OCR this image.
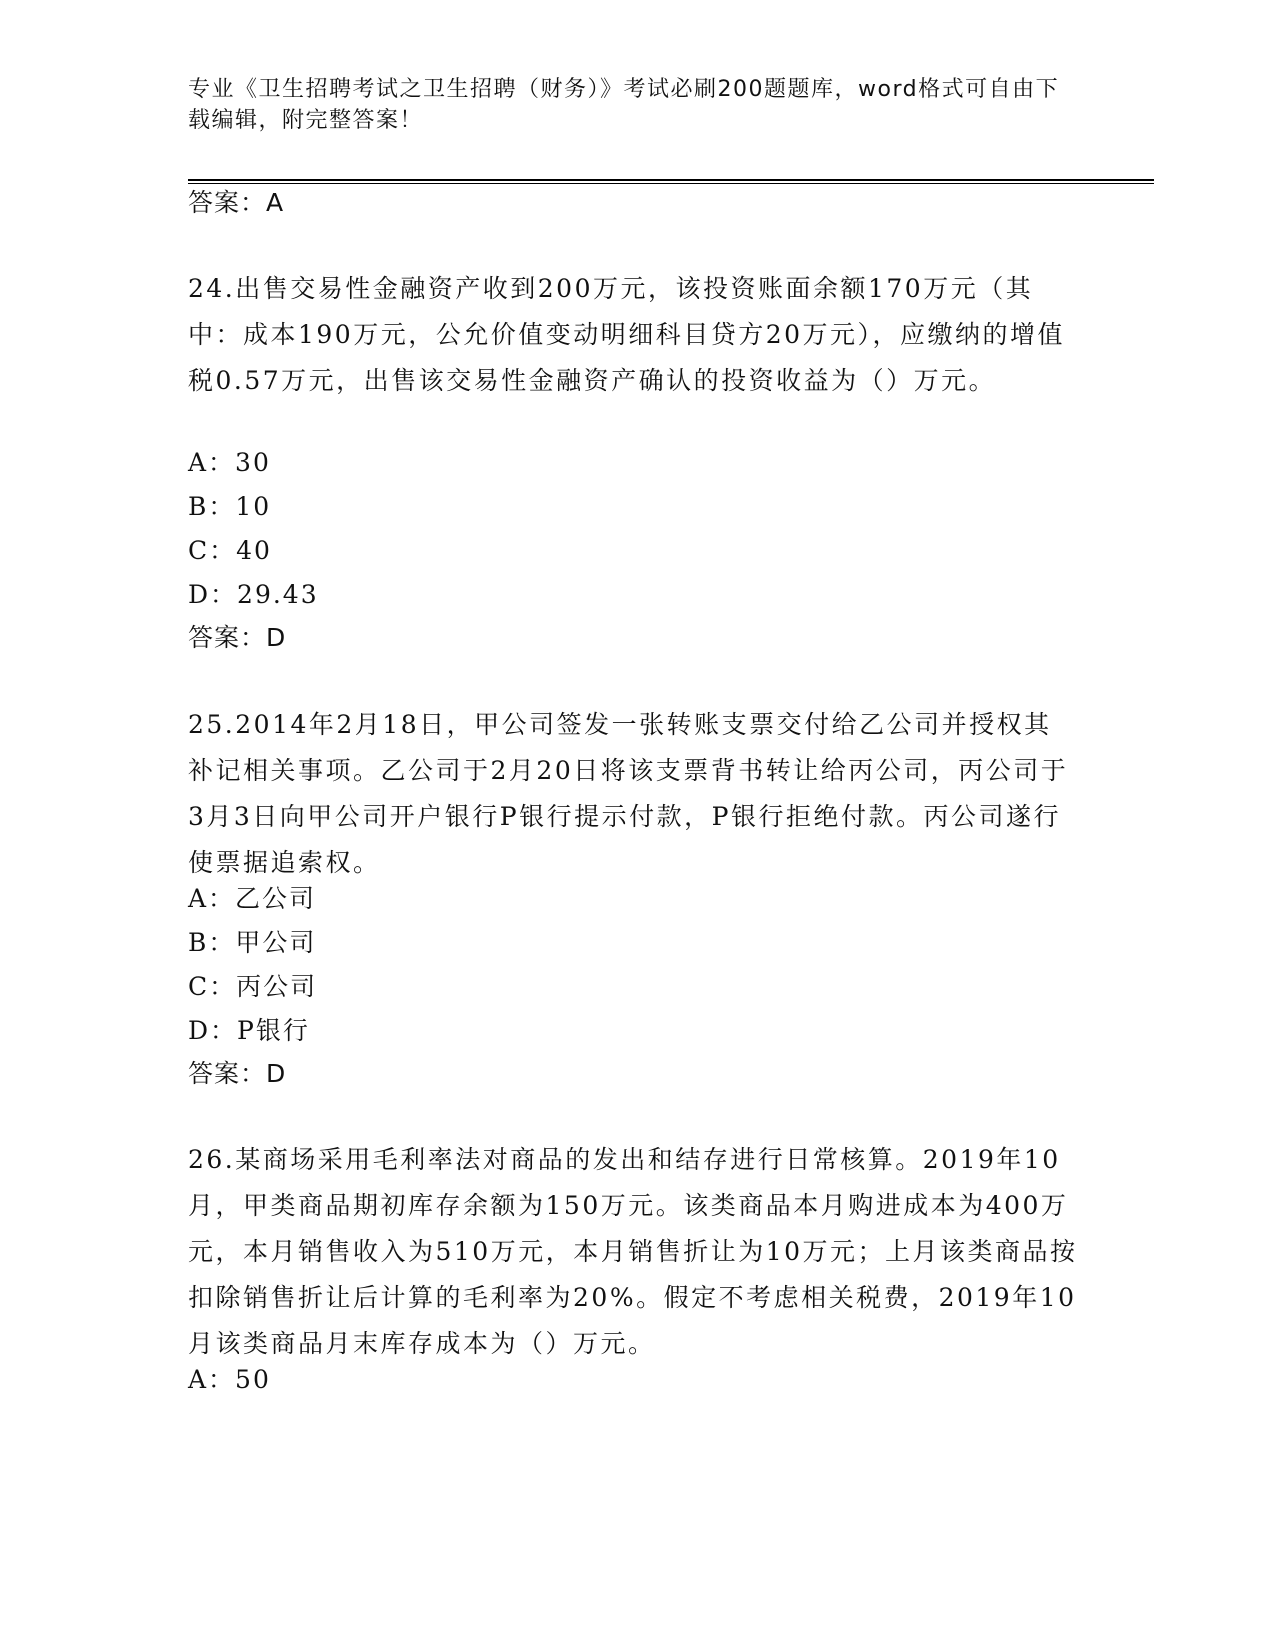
专业《卫生招聘考试之卫生招聘（财务）》考试必刷200题题库，word格式可自由下载编辑，附完整答案！
答案：A

24.出售交易性金融资产收到200万元，该投资账面余额170万元（其中：成本190万元，公允价值变动明细科目贷方20万元），应缴纳的增值税0.57万元，出售该交易性金融资产确认的投资收益为（）万元。

A：30
B：10
C：40
D：29.43
答案：D

25.2014年2月18日，甲公司签发一张转账支票交付给乙公司并授权其补记相关事项。乙公司于2月20日将该支票背书转让给丙公司，丙公司于3月3日向甲公司开户银行P银行提示付款，P银行拒绝付款。丙公司遂行使票据追索权。

A：乙公司
B：甲公司
C：丙公司
D：P银行
答案：D

26.某商场采用毛利率法对商品的发出和结存进行日常核算。2019年10月，甲类商品期初库存余额为150万元。该类商品本月购进成本为400万元，本月销售收入为510万元，本月销售折让为10万元；上月该类商品按扣除销售折让后计算的毛利率为20%。假定不考虑相关税费，2019年10月该类商品月末库存成本为（）万元。

A：50
